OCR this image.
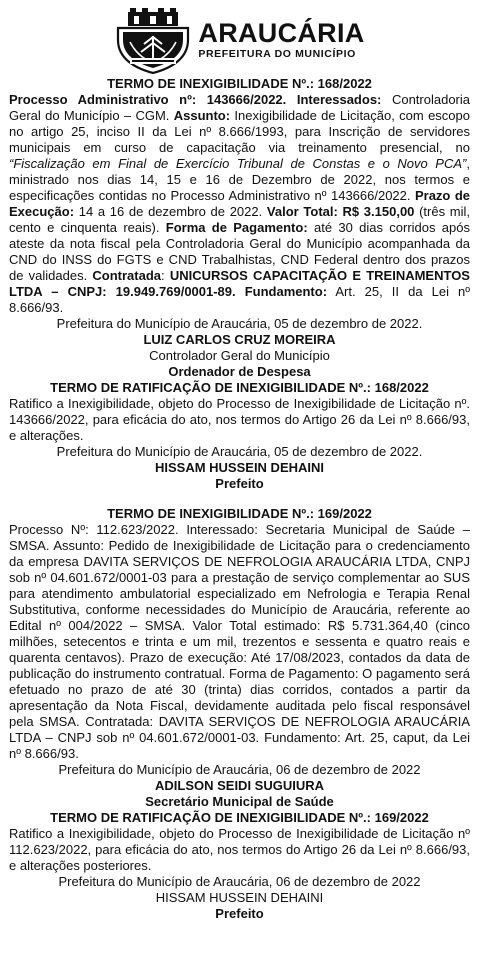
ARAUCÁRIA
PREFEITURA DO MUNICÍPIO

TERMO DE INEXIGIBILIDADE Nº.: 168/2022

Processo Administrativo nº: 143666/2022. Interessados: Controladoria Geral do Município – CGM. Assunto: Inexigibilidade de Licitação, com escopo no artigo 25, inciso II da Lei nº 8.666/1993, para Inscrição de servidores municipais em curso de capacitação via treinamento presencial, no “Fiscalização em Final de Exercício Tribunal de Constas e o Novo PCA”, ministrado nos dias 14, 15 e 16 de Dezembro de 2022, nos termos e especificações contidas no Processo Administrativo nº 143666/2022. Prazo de Execução: 14 a 16 de dezembro de 2022. Valor Total: R$ 3.150,00 (três mil, cento e cinquenta reais). Forma de Pagamento: até 30 dias corridos após ateste da nota fiscal pela Controladoria Geral do Município acompanhada da CND do INSS do FGTS e CND Trabalhistas, CND Federal dentro dos prazos de validades. Contratada: UNICURSOS CAPACITAÇÃO E TREINAMENTOS LTDA – CNPJ: 19.949.769/0001-89. Fundamento: Art. 25, II da Lei nº 8.666/93.

Prefeitura do Município de Araucária, 05 de dezembro de 2022.

LUIZ CARLOS CRUZ MOREIRA

Controlador Geral do Município

Ordenador de Despesa

TERMO DE RATIFICAÇÃO DE INEXIGIBILIDADE Nº.: 168/2022

Ratifico a Inexigibilidade, objeto do Processo de Inexigibilidade de Licitação nº. 143666/2022, para eficácia do ato, nos termos do Artigo 26 da Lei nº 8.666/93, e alterações.

Prefeitura do Município de Araucária, 05 de dezembro de 2022.

HISSAM HUSSEIN DEHAINI

Prefeito

TERMO DE INEXIGIBILIDADE Nº.: 169/2022

Processo Nº: 112.623/2022. Interessado: Secretaria Municipal de Saúde – SMSA. Assunto: Pedido de Inexigibilidade de Licitação para o credenciamento da empresa DAVITA SERVIÇOS DE NEFROLOGIA ARAUCÁRIA LTDA, CNPJ sob nº 04.601.672/0001-03 para a prestação de serviço complementar ao SUS para atendimento ambulatorial especializado em Nefrologia e Terapia Renal Substitutiva, conforme necessidades do Município de Araucária, referente ao Edital nº 004/2022 – SMSA. Valor Total estimado: R$ 5.731.364,40 (cinco milhões, setecentos e trinta e um mil, trezentos e sessenta e quatro reais e quarenta centavos). Prazo de execução: Até 17/08/2023, contados da data de publicação do instrumento contratual. Forma de Pagamento: O pagamento será efetuado no prazo de até 30 (trinta) dias corridos, contados a partir da apresentação da Nota Fiscal, devidamente auditada pelo fiscal responsável pela SMSA. Contratada: DAVITA SERVIÇOS DE NEFROLOGIA ARAUCÁRIA LTDA – CNPJ sob nº 04.601.672/0001-03. Fundamento: Art. 25, caput, da Lei nº 8.666/93.

Prefeitura do Município de Araucária, 06 de dezembro de 2022

ADILSON SEIDI SUGUIURA

Secretário Municipal de Saúde

TERMO DE RATIFICAÇÃO DE INEXIGIBILIDADE Nº.: 169/2022

Ratifico a Inexigibilidade, objeto do Processo de Inexigibilidade de Licitação nº 112.623/2022, para eficácia do ato, nos termos do Artigo 26 da Lei nº 8.666/93, e alterações posteriores.

Prefeitura do Município de Araucária, 06 de dezembro de 2022

HISSAM HUSSEIN DEHAINI

Prefeito
